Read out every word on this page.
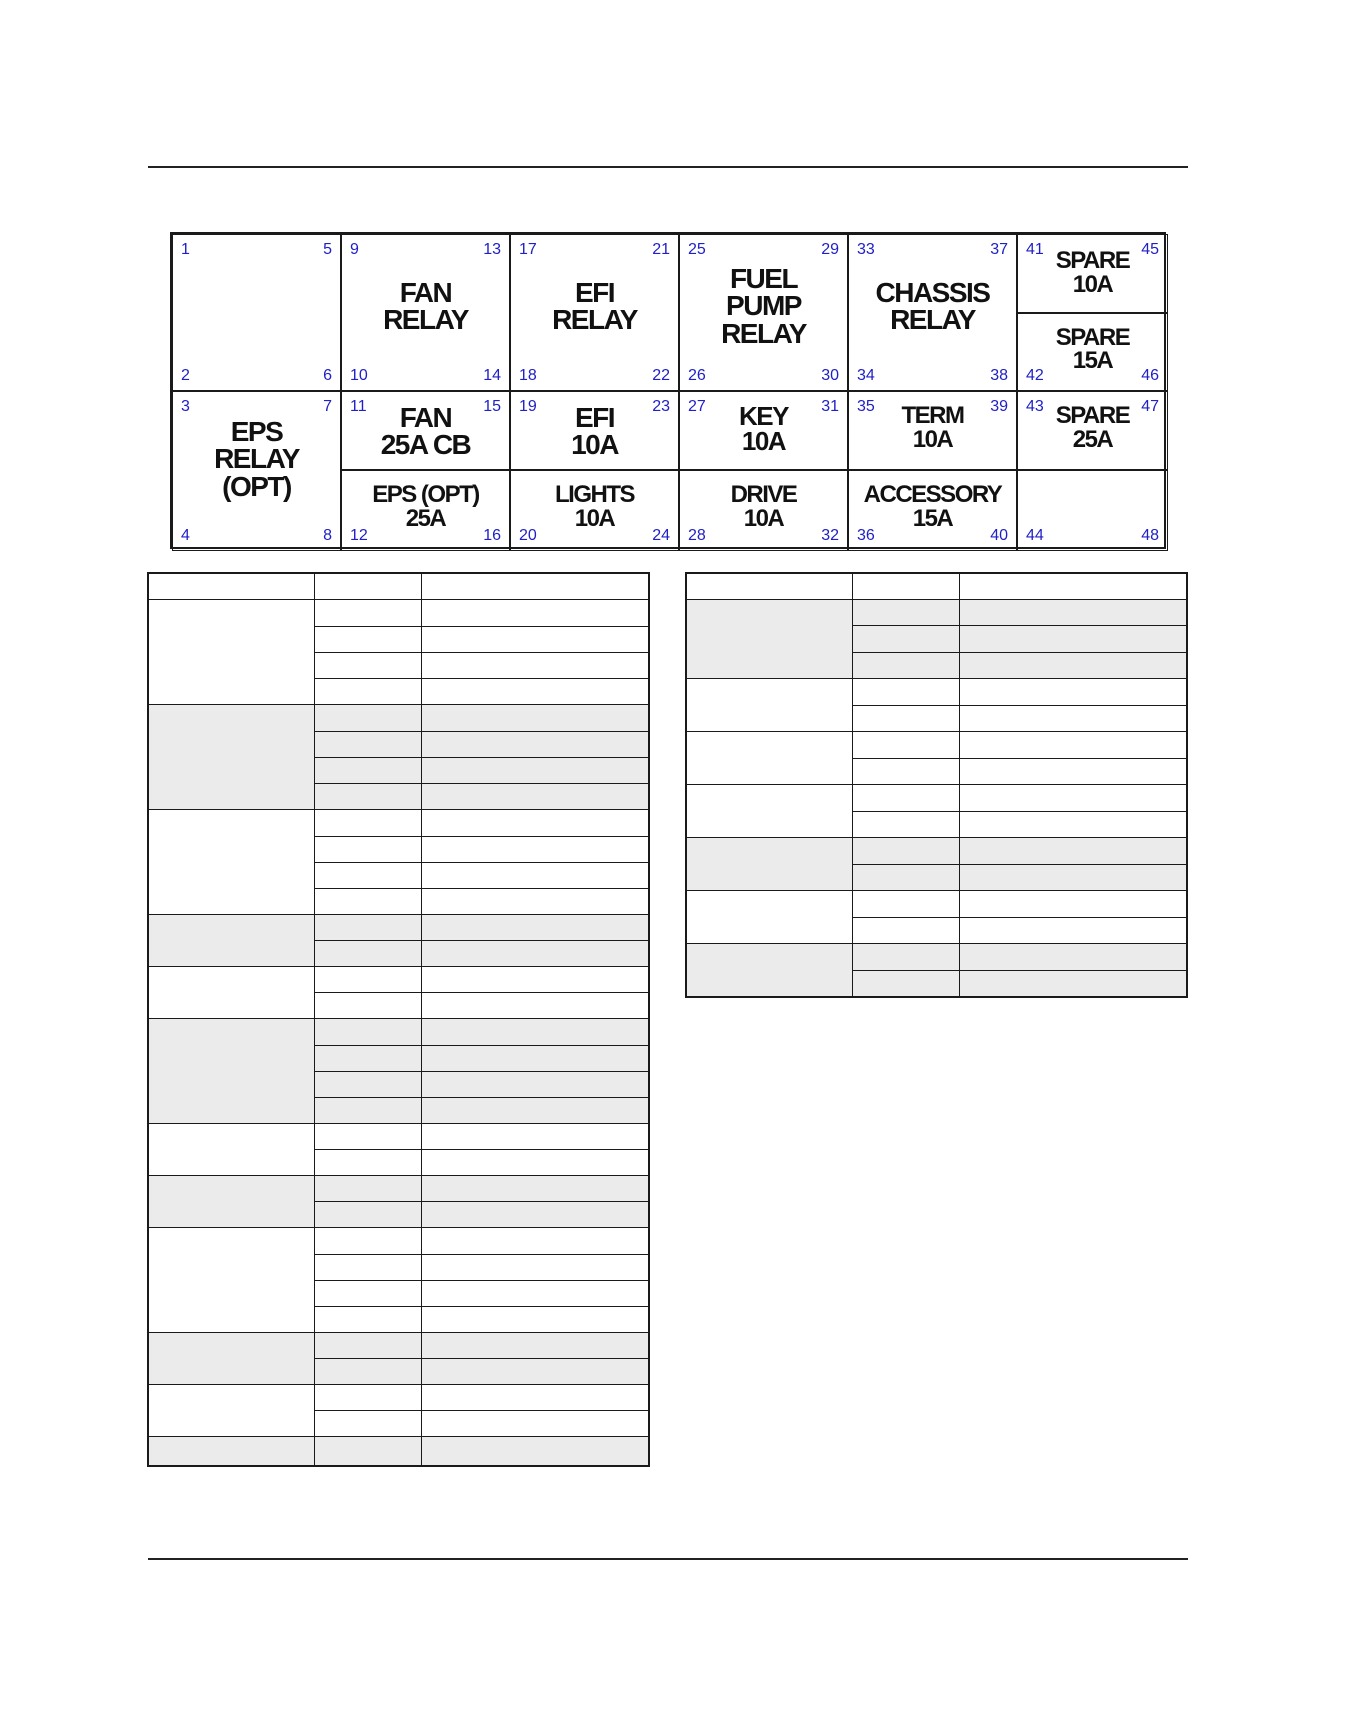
1	5
2	6
9	13
10	14
FAN
RELAY
17	21
18	22
EFI
RELAY
25	29
26	30
FUEL
PUMP
RELAY
33	37
34	38
CHASSIS
RELAY
41	45
SPARE
10A
42	46
SPARE
15A
3	7
4	8
EPS
RELAY
(OPT)
11	15
FAN
25A CB
12	16
EPS (OPT)
25A
19	23
EFI
10A
20	24
LIGHTS
10A
27	31
KEY
10A
28	32
DRIVE
10A
35	39
TERM
10A
36	40
ACCESSORY
15A
43	47
SPARE
25A
44	48
